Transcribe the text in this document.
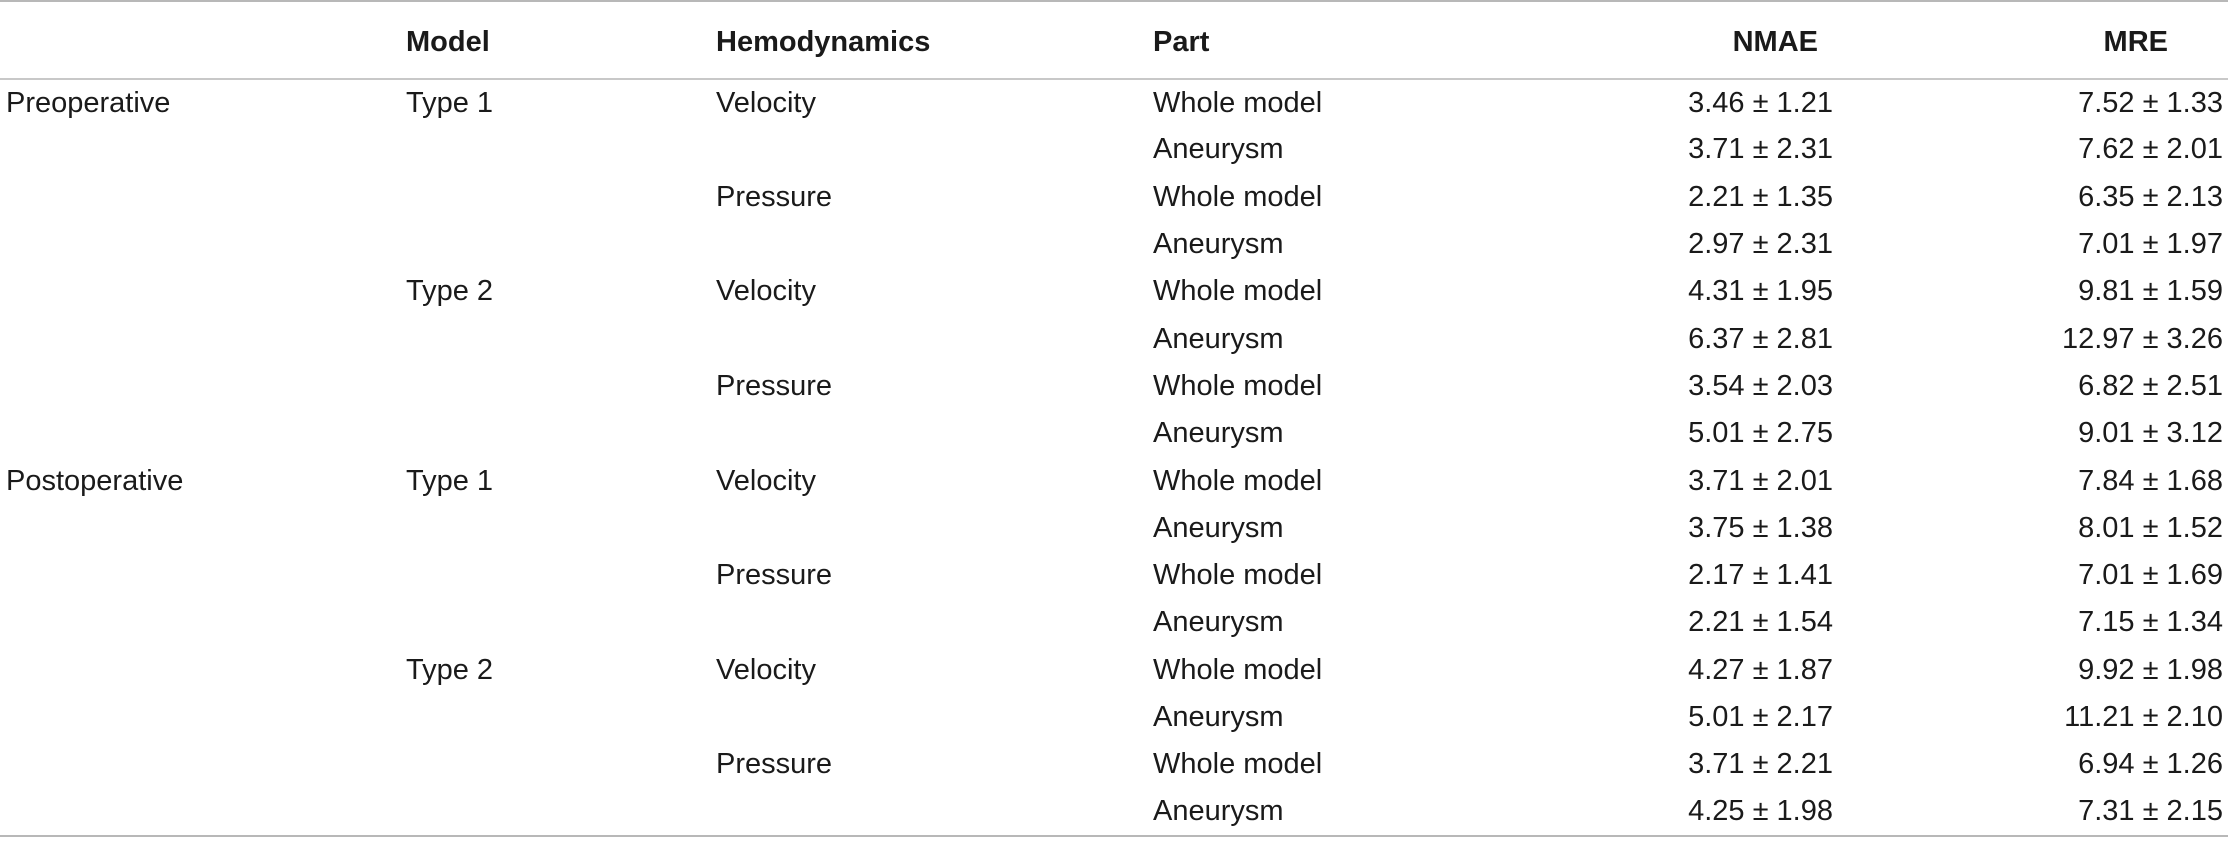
	Model	Hemodynamics	Part	NMAE	MRE
Preoperative	Type 1	Velocity	Whole model	3.46 ± 1.21	7.52 ± 1.33
			Aneurysm	3.71 ± 2.31	7.62 ± 2.01
		Pressure	Whole model	2.21 ± 1.35	6.35 ± 2.13
			Aneurysm	2.97 ± 2.31	7.01 ± 1.97
	Type 2	Velocity	Whole model	4.31 ± 1.95	9.81 ± 1.59
			Aneurysm	6.37 ± 2.81	12.97 ± 3.26
		Pressure	Whole model	3.54 ± 2.03	6.82 ± 2.51
			Aneurysm	5.01 ± 2.75	9.01 ± 3.12
Postoperative	Type 1	Velocity	Whole model	3.71 ± 2.01	7.84 ± 1.68
			Aneurysm	3.75 ± 1.38	8.01 ± 1.52
		Pressure	Whole model	2.17 ± 1.41	7.01 ± 1.69
			Aneurysm	2.21 ± 1.54	7.15 ± 1.34
	Type 2	Velocity	Whole model	4.27 ± 1.87	9.92 ± 1.98
			Aneurysm	5.01 ± 2.17	11.21 ± 2.10
		Pressure	Whole model	3.71 ± 2.21	6.94 ± 1.26
			Aneurysm	4.25 ± 1.98	7.31 ± 2.15
